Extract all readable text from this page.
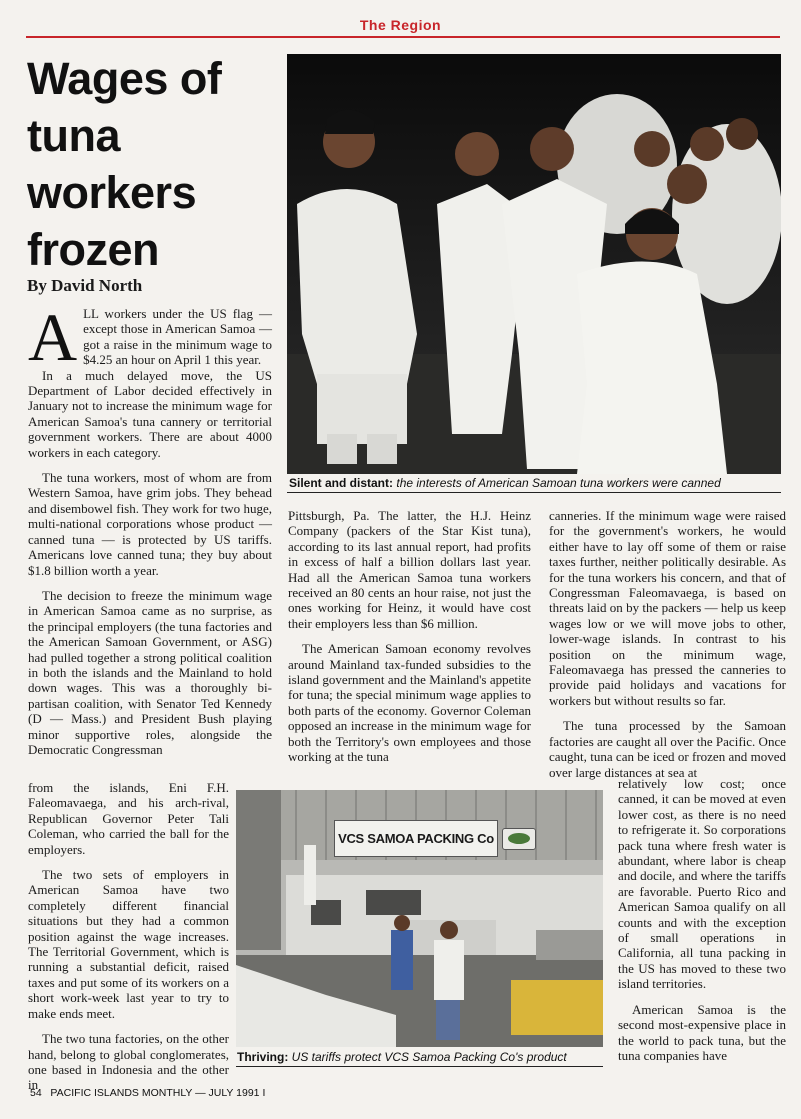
The Region
Wages of tuna workers frozen
By David North

ALL workers under the US flag — except those in American Samoa — got a raise in the minimum wage to $4.25 an hour on April 1 this year.

In a much delayed move, the US Department of Labor decided effectively in January not to increase the minimum wage for American Samoa's tuna cannery or territorial government workers. There are about 4000 workers in each category.

The tuna workers, most of whom are from Western Samoa, have grim jobs. They behead and disembowel fish. They work for two huge, multi-national corporations whose product — canned tuna — is protected by US tariffs. Americans love canned tuna; they buy about $1.8 billion worth a year.

The decision to freeze the minimum wage in American Samoa came as no surprise, as the principal employers (the tuna factories and the American Samoan Government, or ASG) had pulled together a strong political coalition in both the islands and the Mainland to hold down wages. This was a thoroughly bi-partisan coalition, with Senator Ted Kennedy (D — Mass.) and President Bush playing minor supportive roles, alongside the Democratic Congressman

from the islands, Eni F.H. Faleomavaega, and his arch-rival, Republican Governor Peter Tali Coleman, who carried the ball for the employers.

The two sets of employers in American Samoa have two completely different financial situations but they had a common position against the wage increases. The Territorial Government, which is running a substantial deficit, raised taxes and put some of its workers on a short work-week last year to try to make ends meet.

The two tuna factories, on the other hand, belong to global conglomerates, one based in Indonesia and the other in

Silent and distant: the interests of American Samoan tuna workers were canned

Pittsburgh, Pa. The latter, the H.J. Heinz Company (packers of the Star Kist tuna), according to its last annual report, had profits in excess of half a billion dollars last year. Had all the American Samoa tuna workers received an 80 cents an hour raise, not just the ones working for Heinz, it would have cost their employers less than $6 million.

The American Samoan economy revolves around Mainland tax-funded subsidies to the island government and the Mainland's appetite for tuna; the special minimum wage applies to both parts of the economy. Governor Coleman opposed an increase in the minimum wage for both the Territory's own employees and those working at the tuna

canneries. If the minimum wage were raised for the government's workers, he would either have to lay off some of them or raise taxes further, neither politically desirable. As for the tuna workers his concern, and that of Congressman Faleomavaega, is based on threats laid on by the packers — help us keep wages low or we will move jobs to other, lower-wage islands. In contrast to his position on the minimum wage, Faleomavaega has pressed the canneries to provide paid holidays and vacations for workers but without results so far.

The tuna processed by the Samoan factories are caught all over the Pacific. Once caught, tuna can be iced or frozen and moved over large distances at sea at

relatively low cost; once canned, it can be moved at even lower cost, as there is no need to refrigerate it. So corporations pack tuna where fresh water is abundant, where labor is cheap and docile, and where the tariffs are favorable. Puerto Rico and American Samoa qualify on all counts and with the exception of small operations in California, all tuna packing in the US has moved to these two island territories.

American Samoa is the second most-expensive place in the world to pack tuna, but the tuna companies have

VCS SAMOA PACKING Co
Thriving: US tariffs protect VCS Samoa Packing Co's product
54   PACIFIC ISLANDS MONTHLY — JULY 1991 I
